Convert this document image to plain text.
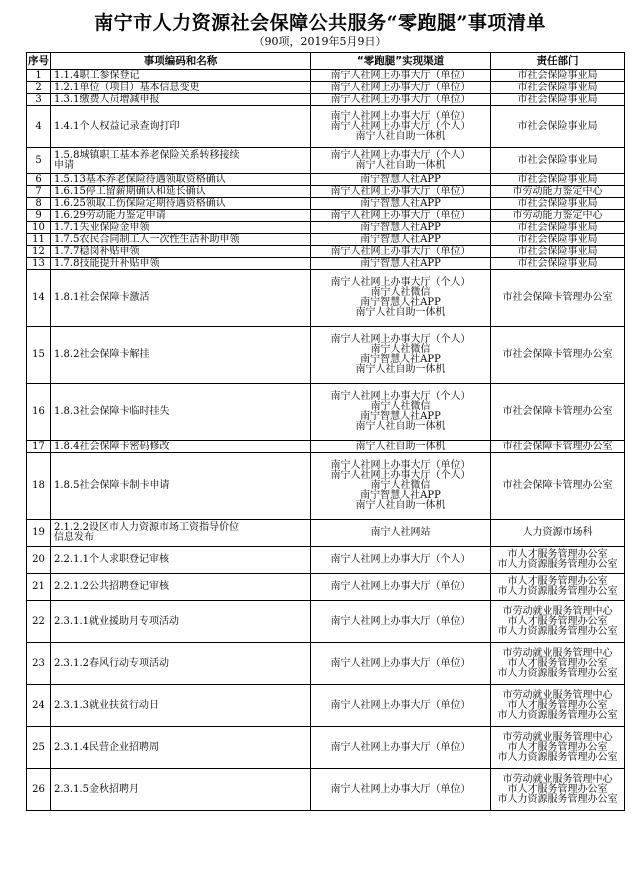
南宁市人力资源社会保障公共服务“零跑腿”事项清单
（90项，2019年5月9日）
序号	事项编码和名称	“零跑腿”实现渠道	责任部门
1	1.1.4职工参保登记	南宁人社网上办事大厅（单位）	市社会保险事业局

2	1.2.1单位（项目）基本信息变更	南宁人社网上办事大厅（单位）	市社会保险事业局

3	1.3.1缴费人员增减申报	南宁人社网上办事大厅（单位）	市社会保险事业局

4	1.4.1个人权益记录查询打印	南宁人社网上办事大厅（单位）
南宁人社网上办事大厅（个人）
南宁人社自助一体机	市社会保险事业局

5	1.5.8城镇职工基本养老保险关系转移接续
申请	南宁人社网上办事大厅（个人）
南宁人社自助一体机	市社会保险事业局

6	1.5.13基本养老保险待遇领取资格确认	南宁智慧人社APP	市社会保险事业局

7	1.6.15停工留薪期确认和延长确认	南宁人社网上办事大厅（单位）	市劳动能力鉴定中心

8	1.6.25领取工伤保险定期待遇资格确认	南宁智慧人社APP	市社会保险事业局

9	1.6.29劳动能力鉴定申请	南宁人社网上办事大厅（单位）	市劳动能力鉴定中心

10	1.7.1失业保险金申领	南宁智慧人社APP	市社会保险事业局

11	1.7.5农民合同制工人一次性生活补助申领	南宁智慧人社APP	市社会保险事业局

12	1.7.7稳岗补贴申领	南宁人社网上办事大厅（单位）	市社会保险事业局

13	1.7.8技能提升补贴申领	南宁智慧人社APP	市社会保险事业局

14	1.8.1社会保障卡激活	南宁人社网上办事大厅（个人）
南宁人社微信
南宁智慧人社APP
南宁人社自助一体机	市社会保障卡管理办公室

15	1.8.2社会保障卡解挂	南宁人社网上办事大厅（个人）
南宁人社微信
南宁智慧人社APP
南宁人社自助一体机	市社会保障卡管理办公室

16	1.8.3社会保障卡临时挂失	南宁人社网上办事大厅（个人）
南宁人社微信
南宁智慧人社APP
南宁人社自助一体机	市社会保障卡管理办公室

17	1.8.4社会保障卡密码修改	南宁人社自助一体机	市社会保障卡管理办公室

18	1.8.5社会保障卡制卡申请	南宁人社网上办事大厅（单位）
南宁人社网上办事大厅（个人）
南宁人社微信
南宁智慧人社APP
南宁人社自助一体机	市社会保障卡管理办公室

19	2.1.2.2设区市人力资源市场工资指导价位
信息发布	南宁人社网站	人力资源市场科

20	2.2.1.1个人求职登记审核	南宁人社网上办事大厅（个人）	市人才服务管理办公室
市人力资源服务管理办公室

21	2.2.1.2公共招聘登记审核	南宁人社网上办事大厅（单位）	市人才服务管理办公室
市人力资源服务管理办公室

22	2.3.1.1就业援助月专项活动	南宁人社网上办事大厅（单位）	市劳动就业服务管理中心
市人才服务管理办公室
市人力资源服务管理办公室

23	2.3.1.2春风行动专项活动	南宁人社网上办事大厅（单位）	市劳动就业服务管理中心
市人才服务管理办公室
市人力资源服务管理办公室

24	2.3.1.3就业扶贫行动日	南宁人社网上办事大厅（单位）	市劳动就业服务管理中心
市人才服务管理办公室
市人力资源服务管理办公室

25	2.3.1.4民营企业招聘周	南宁人社网上办事大厅（单位）	市劳动就业服务管理中心
市人才服务管理办公室
市人力资源服务管理办公室

26	2.3.1.5金秋招聘月	南宁人社网上办事大厅（单位）	市劳动就业服务管理中心
市人才服务管理办公室
市人力资源服务管理办公室
